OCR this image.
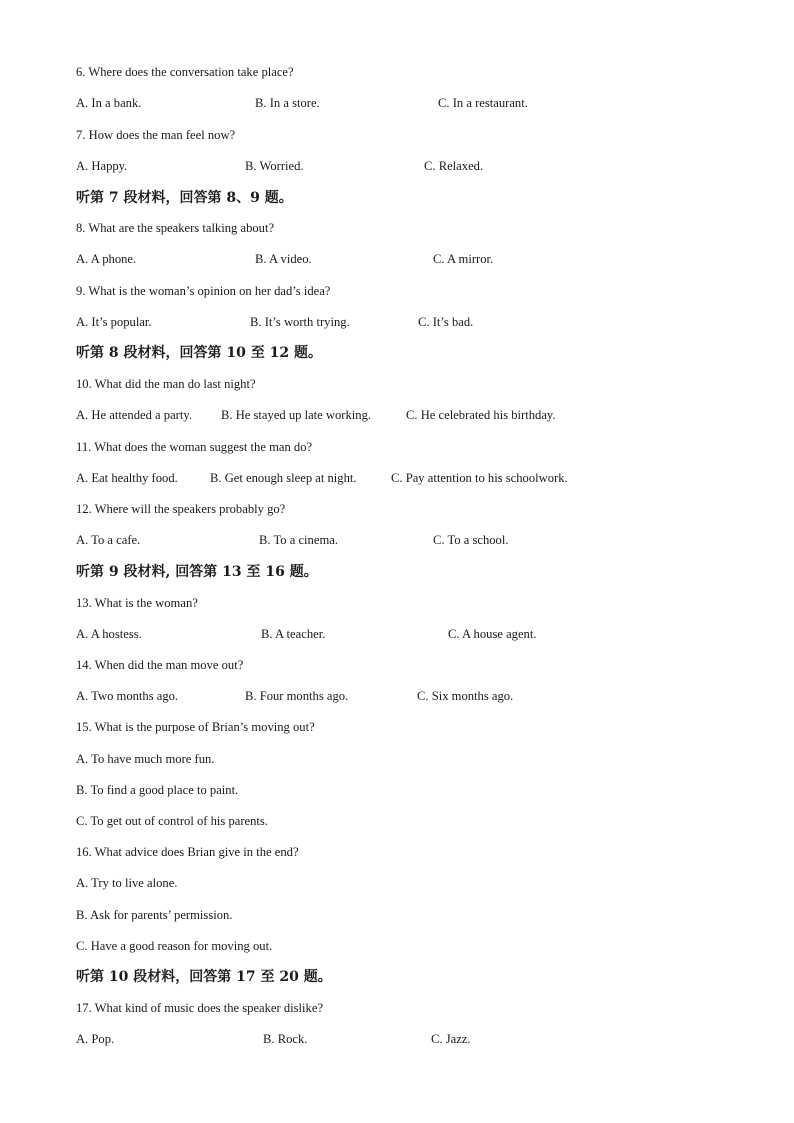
6. Where does the conversation take place?
A. In a bank.	B. In a store.	C. In a restaurant.
7. How does the man feel now?
A. Happy.	B. Worried.	C. Relaxed.
听第 7 段材料，回答第 8、9 题。
8. What are the speakers talking about?
A. A phone.	B. A video.	C. A mirror.
9. What is the woman’s opinion on her dad’s idea?
A. It’s popular.	B. It’s worth trying.	C. It’s bad.
听第 8 段材料，回答第 10 至 12 题。
10. What did the man do last night?
A. He attended a party. B. He stayed up late working.	C. He celebrated his birthday.
11. What does the woman suggest the man do?
A. Eat healthy food.	B. Get enough sleep at night.	C. Pay attention to his schoolwork.
12. Where will the speakers probably go?
A. To a cafe.	B. To a cinema.	C. To a school.
听第 9 段材料, 回答第 13 至 16 题。
13. What is the woman?
A. A hostess.	B. A teacher.	C. A house agent.
14. When did the man move out?
A. Two months ago.	B. Four months ago.	C. Six months ago.
15. What is the purpose of Brian’s moving out?
A. To have much more fun.
B. To find a good place to paint.
C. To get out of control of his parents.
16. What advice does Brian give in the end?
A. Try to live alone.
B. Ask for parents’ permission.
C. Have a good reason for moving out.
听第 10 段材料，回答第 17 至 20 题。
17. What kind of music does the speaker dislike?
A. Pop.	B. Rock.	C. Jazz.
